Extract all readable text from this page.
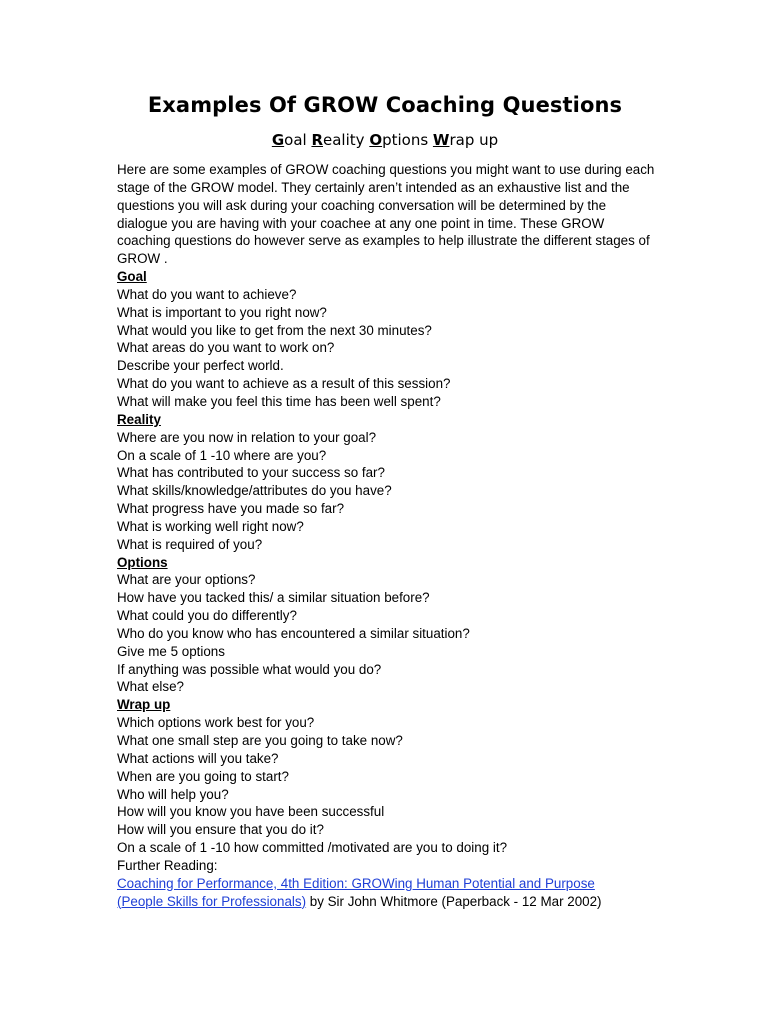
Examples Of GROW Coaching Questions
Goal Reality Options Wrap up

Here are some examples of GROW coaching questions you might want to use during each stage of the GROW model. They certainly aren’t intended as an exhaustive list and the questions you will ask during your coaching conversation will be determined by the dialogue you are having with your coachee at any one point in time. These GROW coaching questions do however serve as examples to help illustrate the different stages of GROW .

Goal
What do you want to achieve?
What is important to you right now?
What would you like to get from the next 30 minutes?
What areas do you want to work on?
Describe your perfect world.
What do you want to achieve as a result of this session?
What will make you feel this time has been well spent?
Reality
Where are you now in relation to your goal?
On a scale of 1 -10 where are you?
What has contributed to your success so far?
What skills/knowledge/attributes do you have?
What progress have you made so far?
What is working well right now?
What is required of you?
Options
What are your options?
How have you tacked this/ a similar situation before?
What could you do differently?
Who do you know who has encountered a similar situation?
Give me 5 options
If anything was possible what would you do?
What else?
Wrap up
Which options work best for you?
What one small step are you going to take now?
What actions will you take?
When are you going to start?
Who will help you?
How will you know you have been successful
How will you ensure that you do it?
On a scale of 1 -10 how committed /motivated are you to doing it?
Further Reading:
Coaching for Performance, 4th Edition: GROWing Human Potential and Purpose
(People Skills for Professionals) by Sir John Whitmore (Paperback - 12 Mar 2002)
